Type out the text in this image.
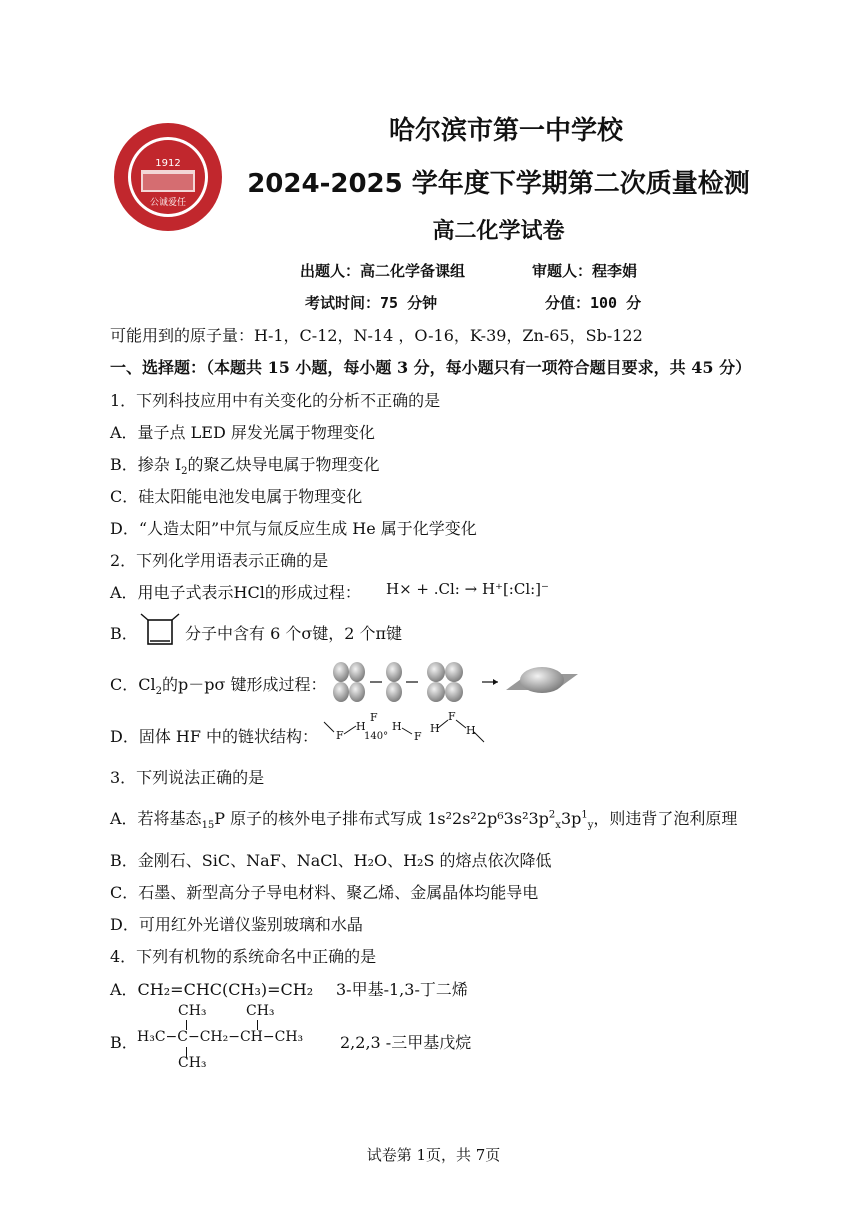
1912
公诚爱任
哈尔滨市第一中学校
2024-2025 学年度下学期第二次质量检测
高二化学试卷
出题人：高二化学备课组	审题人：程李娟
考试时间：75 分钟	分值：100 分
可能用到的原子量：H-1，C-12，N-14 ，O-16，K-39，Zn-65，Sb-122
一、选择题：（本题共 15 小题，每小题 3 分，每小题只有一项符合题目要求，共 45 分）
1．下列科技应用中有关变化的分析不正确的是
A．量子点 LED 屏发光属于物理变化
B．掺杂 $I_2$的聚乙炔导电属于物理变化
C．硅太阳能电池发电属于物理变化
D．“人造太阳”中氘与氚反应生成 He 属于化学变化
2．下列化学用语表示正确的是
A．用电子式表示HCl的形成过程： H× + .Cl: → H⁺[:Cl:]⁻
B．	分子中含有 6 个σ键，2 个π键
C．$Cl_2$的p－pσ 键形成过程：
D．固体 HF 中的链状结构： F
H
F
140°
H
F
H
F
H
3．下列说法正确的是
A．若将基态$_{15}$P 原子的核外电子排布式写成 $1s^22s^22p^63s^23p^2_x3p^1_y$，则违背了泡利原理
B．金刚石、SiC、NaF、NaCl、H₂O、H₂S 的熔点依次降低
C．石墨、新型高分子导电材料、聚乙烯、金属晶体均能导电
D．可用红外光谱仪鉴别玻璃和水晶
4．下列有机物的系统命名中正确的是
A．CH₂=CHC(CH₃)=CH₂ 3-甲基-1,3-丁二烯
B．
CH₃	CH₃
H₃C−C−CH₂−CH−CH₃
CH₃
2,2,3 -三甲基戊烷
试卷第 1页，共 7页
